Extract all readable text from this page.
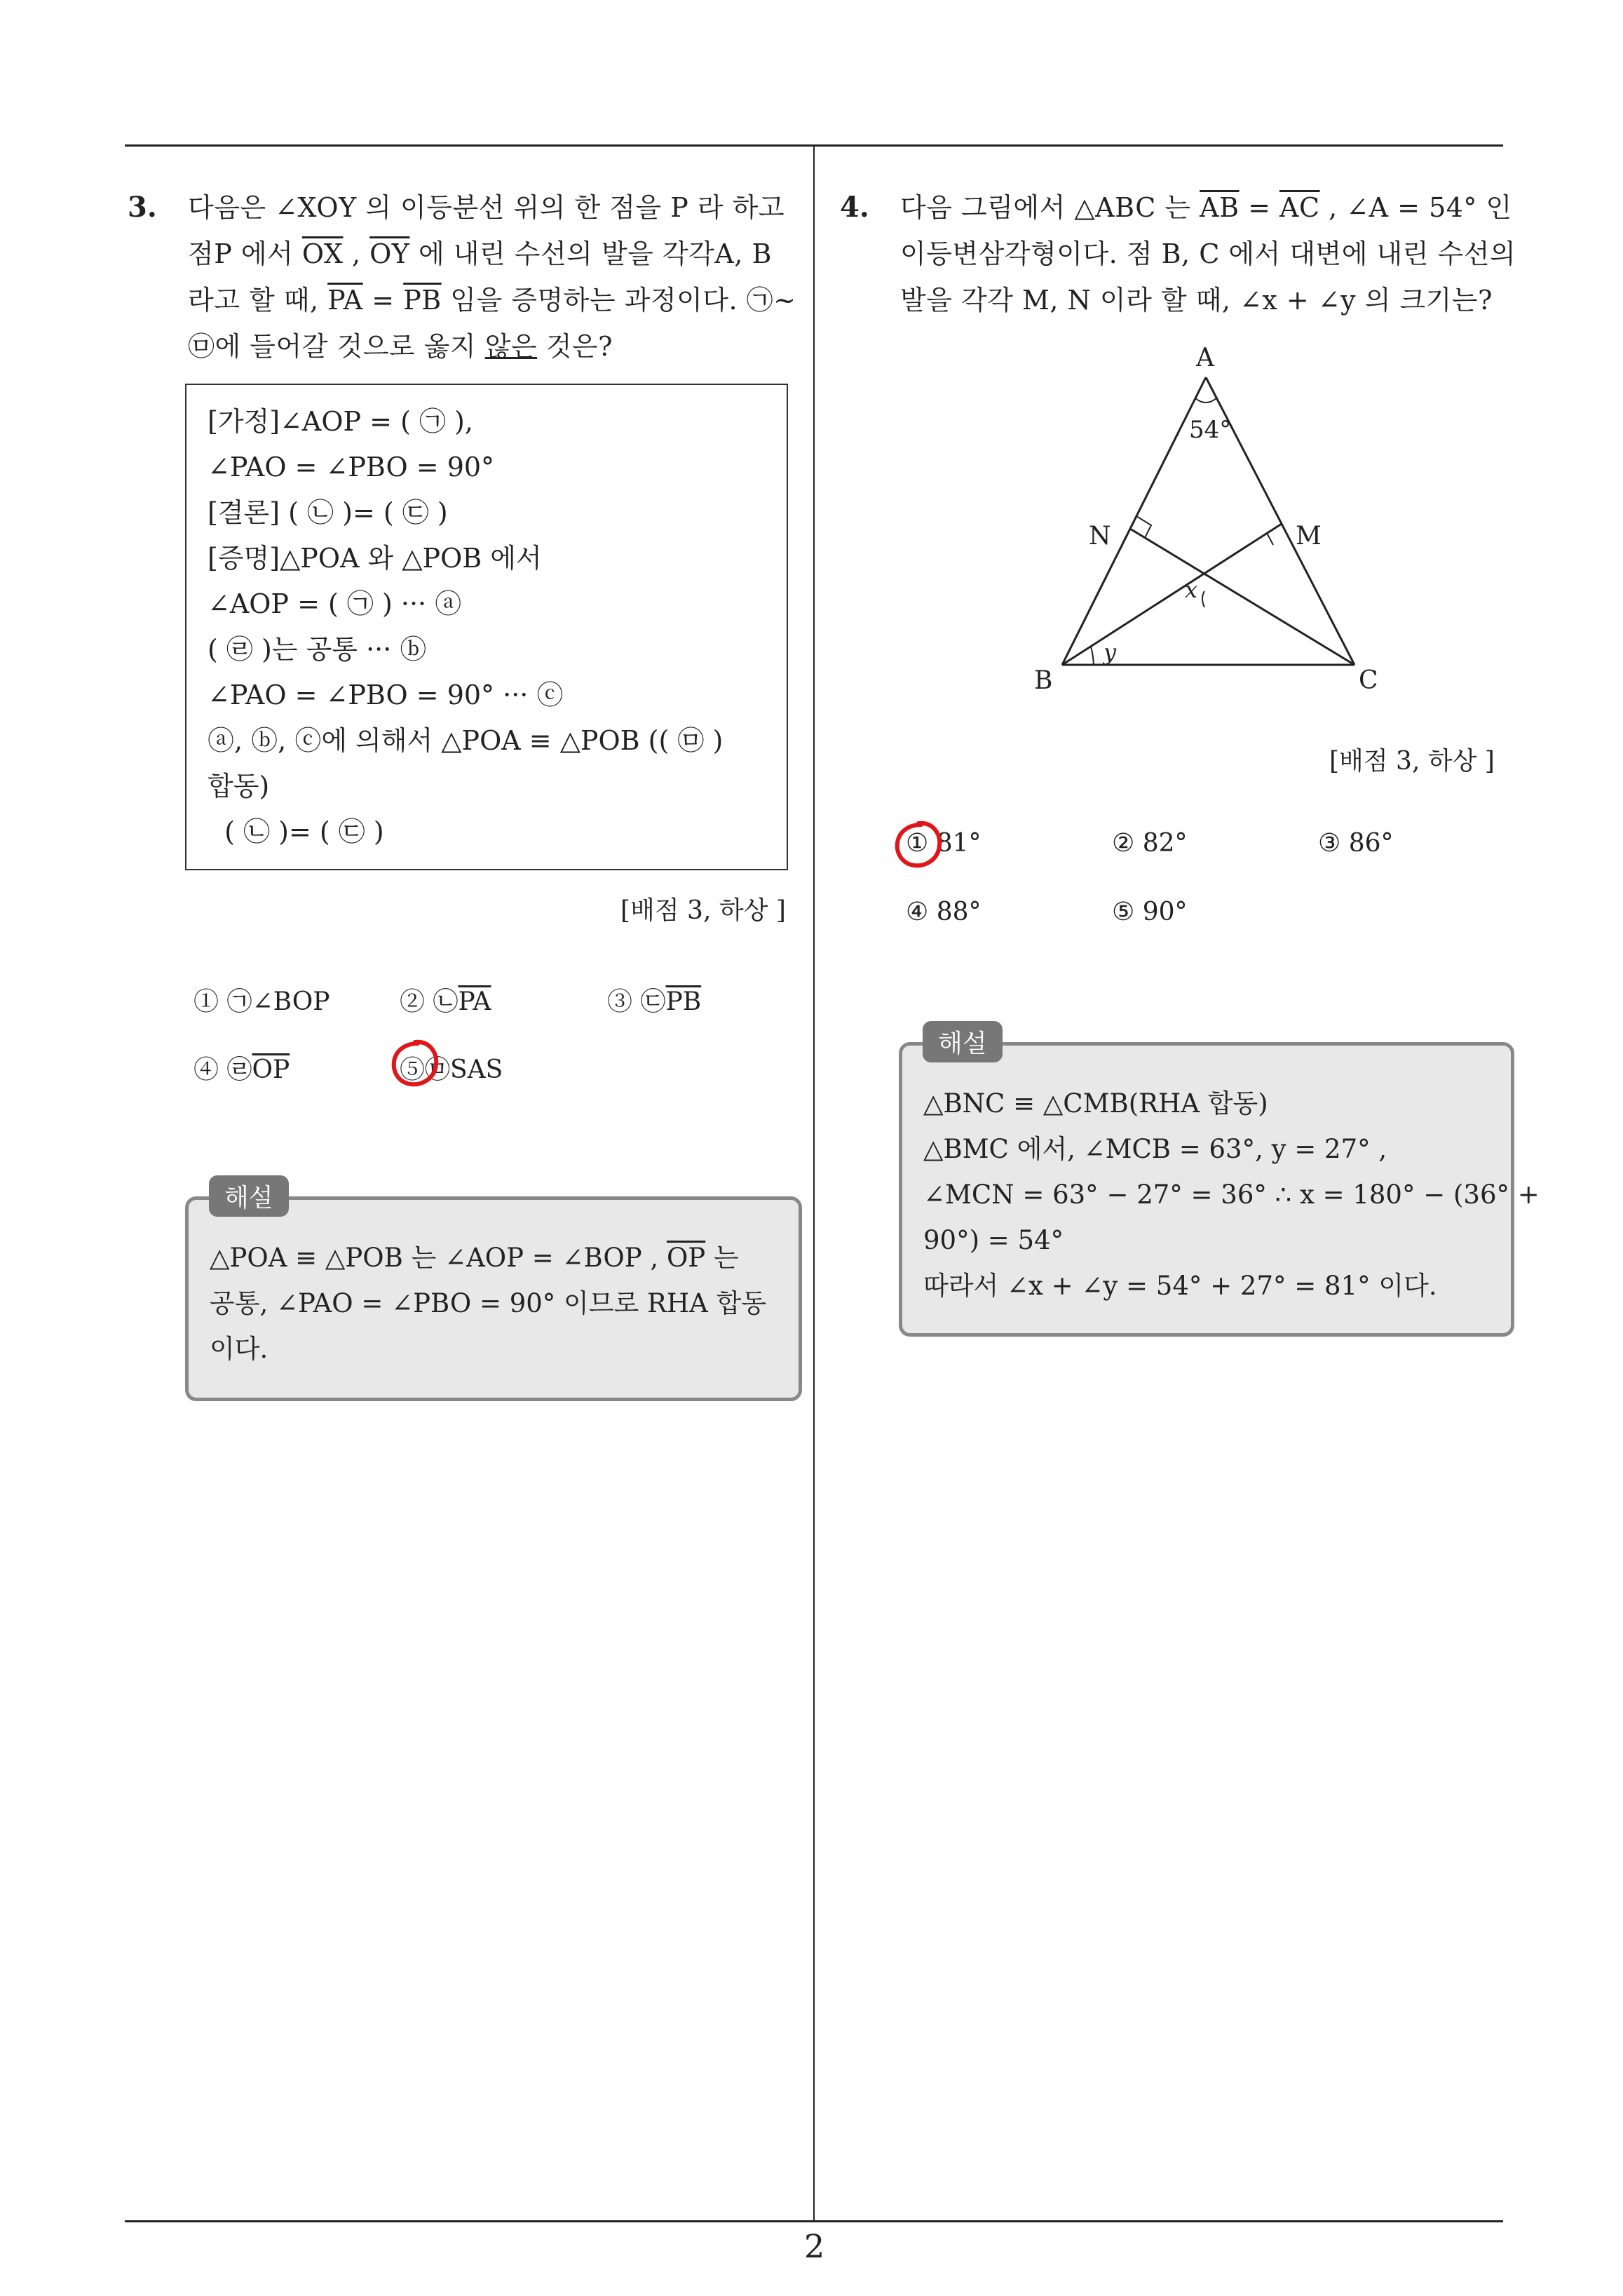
2
3. 다음은 ∠XOY 의 이등분선 위의 한 점을 P 라 하고
점P 에서 $\overline{OX}$ , $\overline{OY}$ 에 내린 수선의 발을 각각A, B
라고 할 때, $\overline{PA} = \overline{PB}$ 임을 증명하는 과정이다. ㉠~
㉤에 들어갈 것으로 옳지 않은 것은?
[가정]∠AOP = ( ㉠ ),
∠PAO = ∠PBO = 90°
[결론] ( ㉡ )= ( ㉢ )
[증명]△POA 와 △POB 에서
∠AOP = ( ㉠ ) ··· ⓐ
( ㉣ )는 공통 ··· ⓑ
∠PAO = ∠PBO = 90° ··· ⓒ
ⓐ, ⓑ, ⓒ에 의해서 △POA ≡ △POB (( ㉤ )
합동)
( ㉡ )= ( ㉢ )
[배점 3, 하상 ]
① ㉠∠BOP	② $㉡\overline{PA}$	③ $㉢\overline{PB}$
④ $㉣\overline{OP}$	⑤㉤SAS
△POA ≡ △POB 는 ∠AOP = ∠BOP , $\overline{OP}$ 는
공통, ∠PAO = ∠PBO = 90° 이므로 RHA 합동
이다.
해설
4. 다음 그림에서 △ABC 는 $\overline{AB} = \overline{AC}$ , ∠A = 54° 인
이등변삼각형이다. 점 B, C 에서 대변에 내린 수선의
발을 각각 M, N 이라 할 때, ∠x + ∠y 의 크기는?
A
B	C
N	M
54°
x
y
[배점 3, 하상 ]
① 81°	② 82°	③ 86°
④ 88°	⑤ 90°
△BNC ≡ △CMB(RHA 합동)
△BMC 에서, ∠MCB = 63°, y = 27° ,
∠MCN = 63° − 27° = 36° ∴ x = 180° − (36° +
90°) = 54°
따라서 ∠x + ∠y = 54° + 27° = 81° 이다.
해설
